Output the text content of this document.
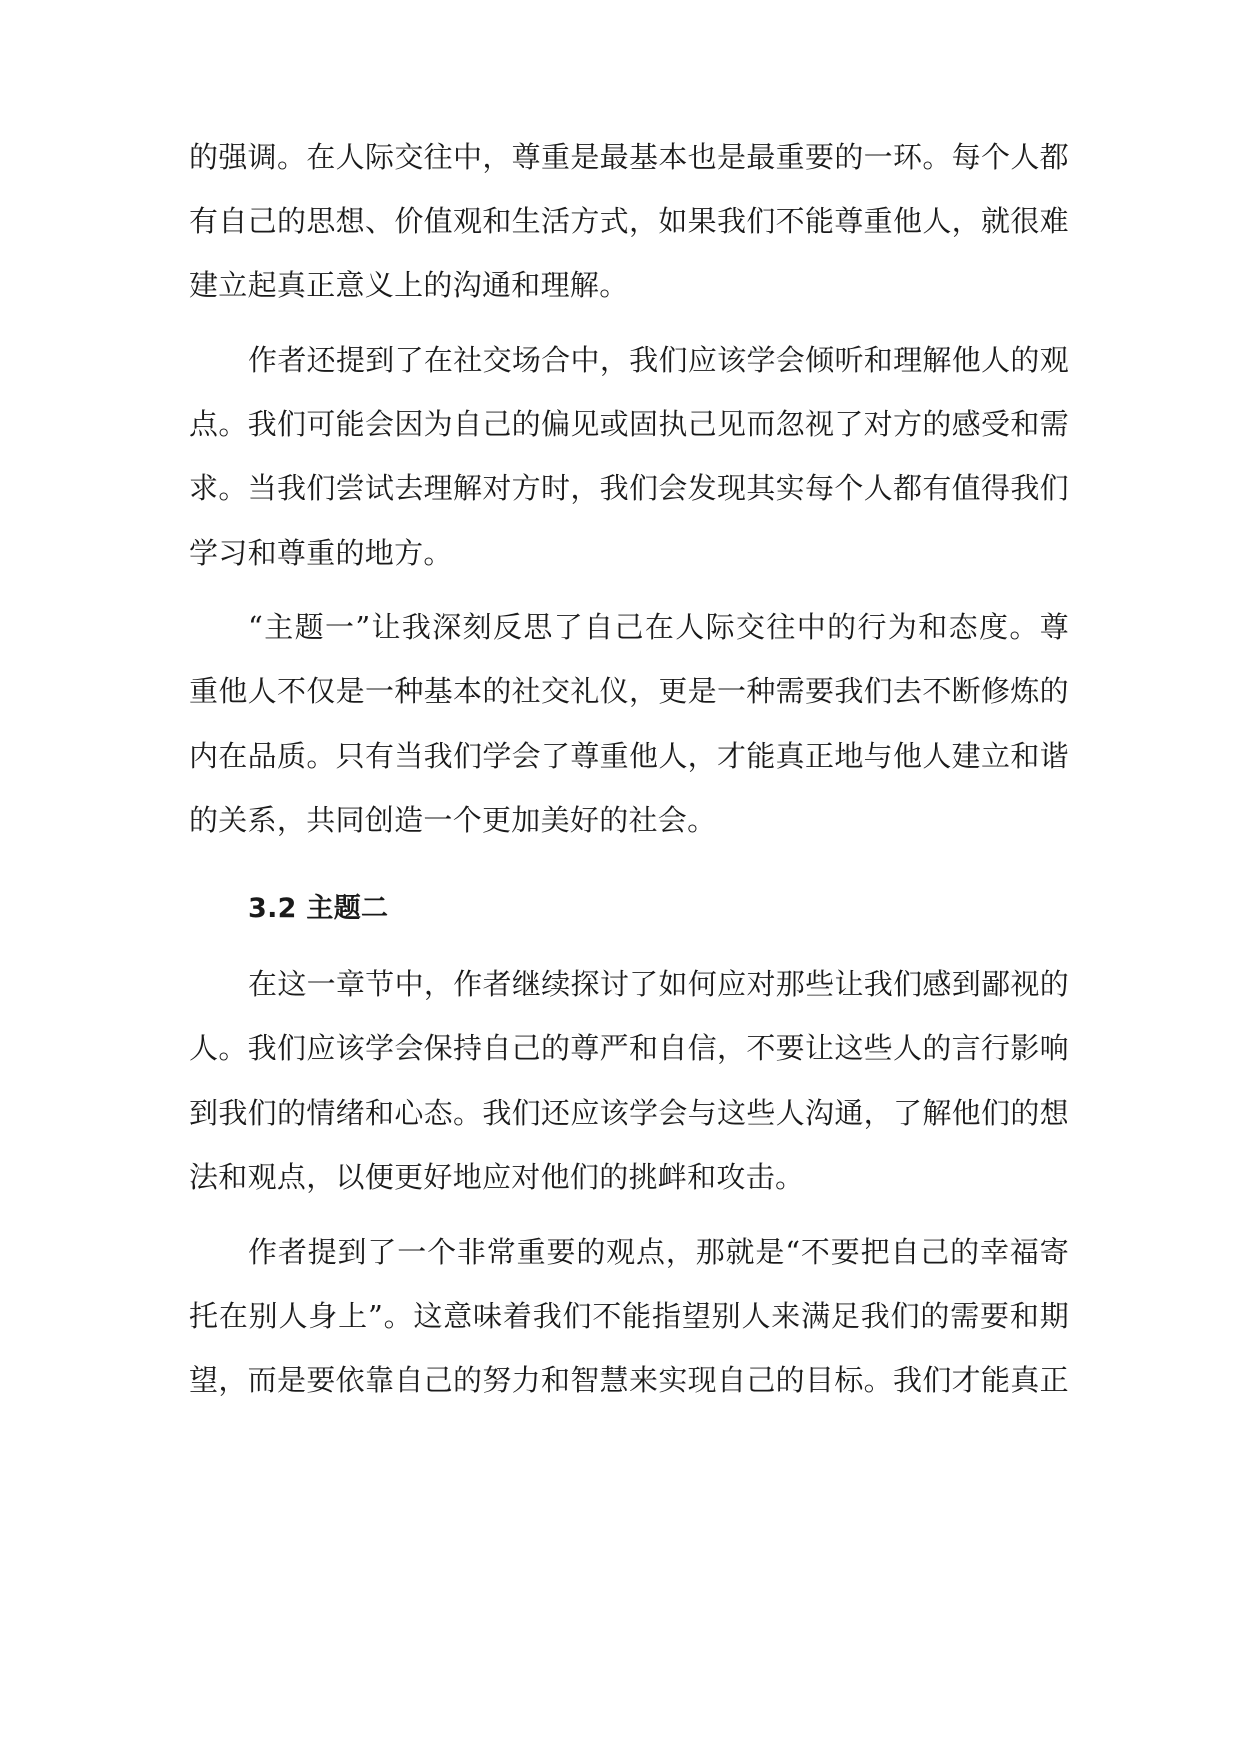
的强调。在人际交往中，尊重是最基本也是最重要的一环。每个人都
有自己的思想、价值观和生活方式，如果我们不能尊重他人，就很难
建立起真正意义上的沟通和理解。
作者还提到了在社交场合中，我们应该学会倾听和理解他人的观
点。我们可能会因为自己的偏见或固执己见而忽视了对方的感受和需
求。当我们尝试去理解对方时，我们会发现其实每个人都有值得我们
学习和尊重的地方。
“主题一”让我深刻反思了自己在人际交往中的行为和态度。尊
重他人不仅是一种基本的社交礼仪，更是一种需要我们去不断修炼的
内在品质。只有当我们学会了尊重他人，才能真正地与他人建立和谐
的关系，共同创造一个更加美好的社会。
3.2 主题二
在这一章节中，作者继续探讨了如何应对那些让我们感到鄙视的
人。我们应该学会保持自己的尊严和自信，不要让这些人的言行影响
到我们的情绪和心态。我们还应该学会与这些人沟通，了解他们的想
法和观点，以便更好地应对他们的挑衅和攻击。
作者提到了一个非常重要的观点，那就是“不要把自己的幸福寄
托在别人身上”。这意味着我们不能指望别人来满足我们的需要和期
望，而是要依靠自己的努力和智慧来实现自己的目标。我们才能真正
